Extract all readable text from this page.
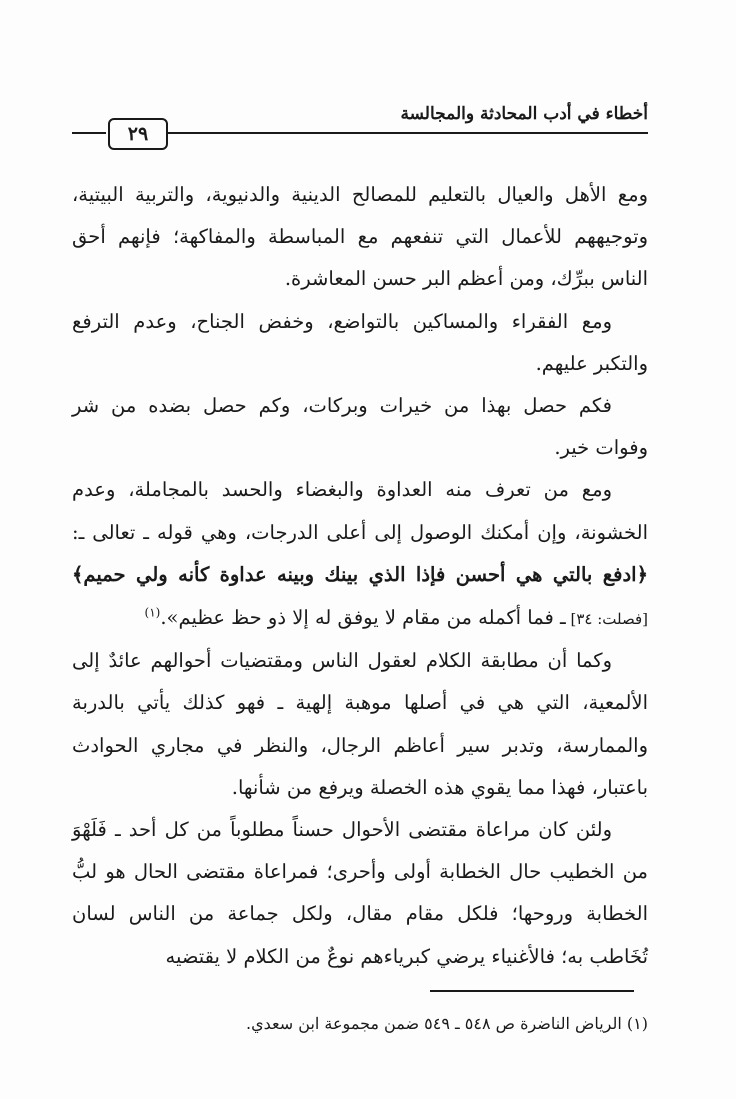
أخطاء في أدب المحادثة والمجالسة
٢٩

ومع الأهل والعيال بالتعليم للمصالح الدينية والدنيوية، والتربية البيتية، وتوجيههم للأعمال التي تنفعهم مع المباسطة والمفاكهة؛ فإنهم أحق الناس ببرِّك، ومن أعظم البر حسن المعاشرة.

ومع الفقراء والمساكين بالتواضع، وخفض الجناح، وعدم الترفع والتكبر عليهم.

فكم حصل بهذا من خيرات وبركات، وكم حصل بضده من شر وفوات خير.

ومع من تعرف منه العداوة والبغضاء والحسد بالمجاملة، وعدم الخشونة، وإن أمكنك الوصول إلى أعلى الدرجات، وهي قوله ـ تعالى ـ: ﴿ادفع بالتي هي أحسن فإذا الذي بينك وبينه عداوة كأنه ولي حميم﴾ [فصلت: ٣٤] ـ فما أكمله من مقام لا يوفق له إلا ذو حظ عظيم».$^{(١)}$

وكما أن مطابقة الكلام لعقول الناس ومقتضيات أحوالهم عائدٌ إلى الألمعية، التي هي في أصلها موهبة إلهية ـ فهو كذلك يأتي بالدربة والممارسة، وتدبر سير أعاظم الرجال، والنظر في مجاري الحوادث باعتبار، فهذا مما يقوي هذه الخصلة ويرفع من شأنها.

ولئن كان مراعاة مقتضى الأحوال حسناً مطلوباً من كل أحد ـ فَلَهْوَ من الخطيب حال الخطابة أولى وأحرى؛ فمراعاة مقتضى الحال هو لبُّ الخطابة وروحها؛ فلكل مقام مقال، ولكل جماعة من الناس لسان تُخَاطب به؛ فالأغنياء يرضي كبرياءهم نوعٌ من الكلام لا يقتضيه

(١) الرياض الناضرة ص ٥٤٨ ـ ٥٤٩ ضمن مجموعة ابن سعدي.
